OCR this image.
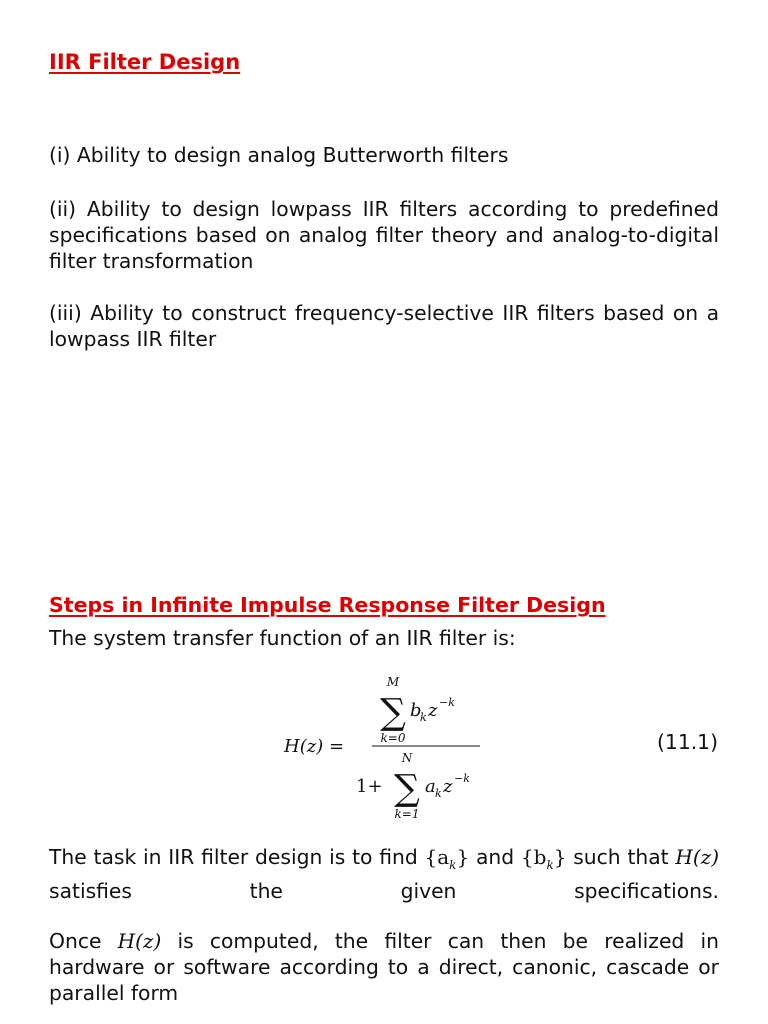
IIR Filter Design

(i) Ability to design analog Butterworth filters

(ii) Ability to design lowpass IIR filters according to predefined specifications based on analog filter theory and analog-to-digital filter transformation

(iii) Ability to construct frequency-selective IIR filters based on a lowpass IIR filter

Steps in Infinite Impulse Response Filter Design

The system transfer function of an IIR filter is:

M
∑ b
k z −k
k=0
H(z) =
N
1+ ∑ a k z −k
k=1

(11.1)

The task in IIR filter design is to find $\{a_k\}$ and $\{b_k\}$ such that H(z) satisfies the given specifications.

Once H(z) is computed, the filter can then be realized in hardware or software according to a direct, canonic, cascade or parallel form
